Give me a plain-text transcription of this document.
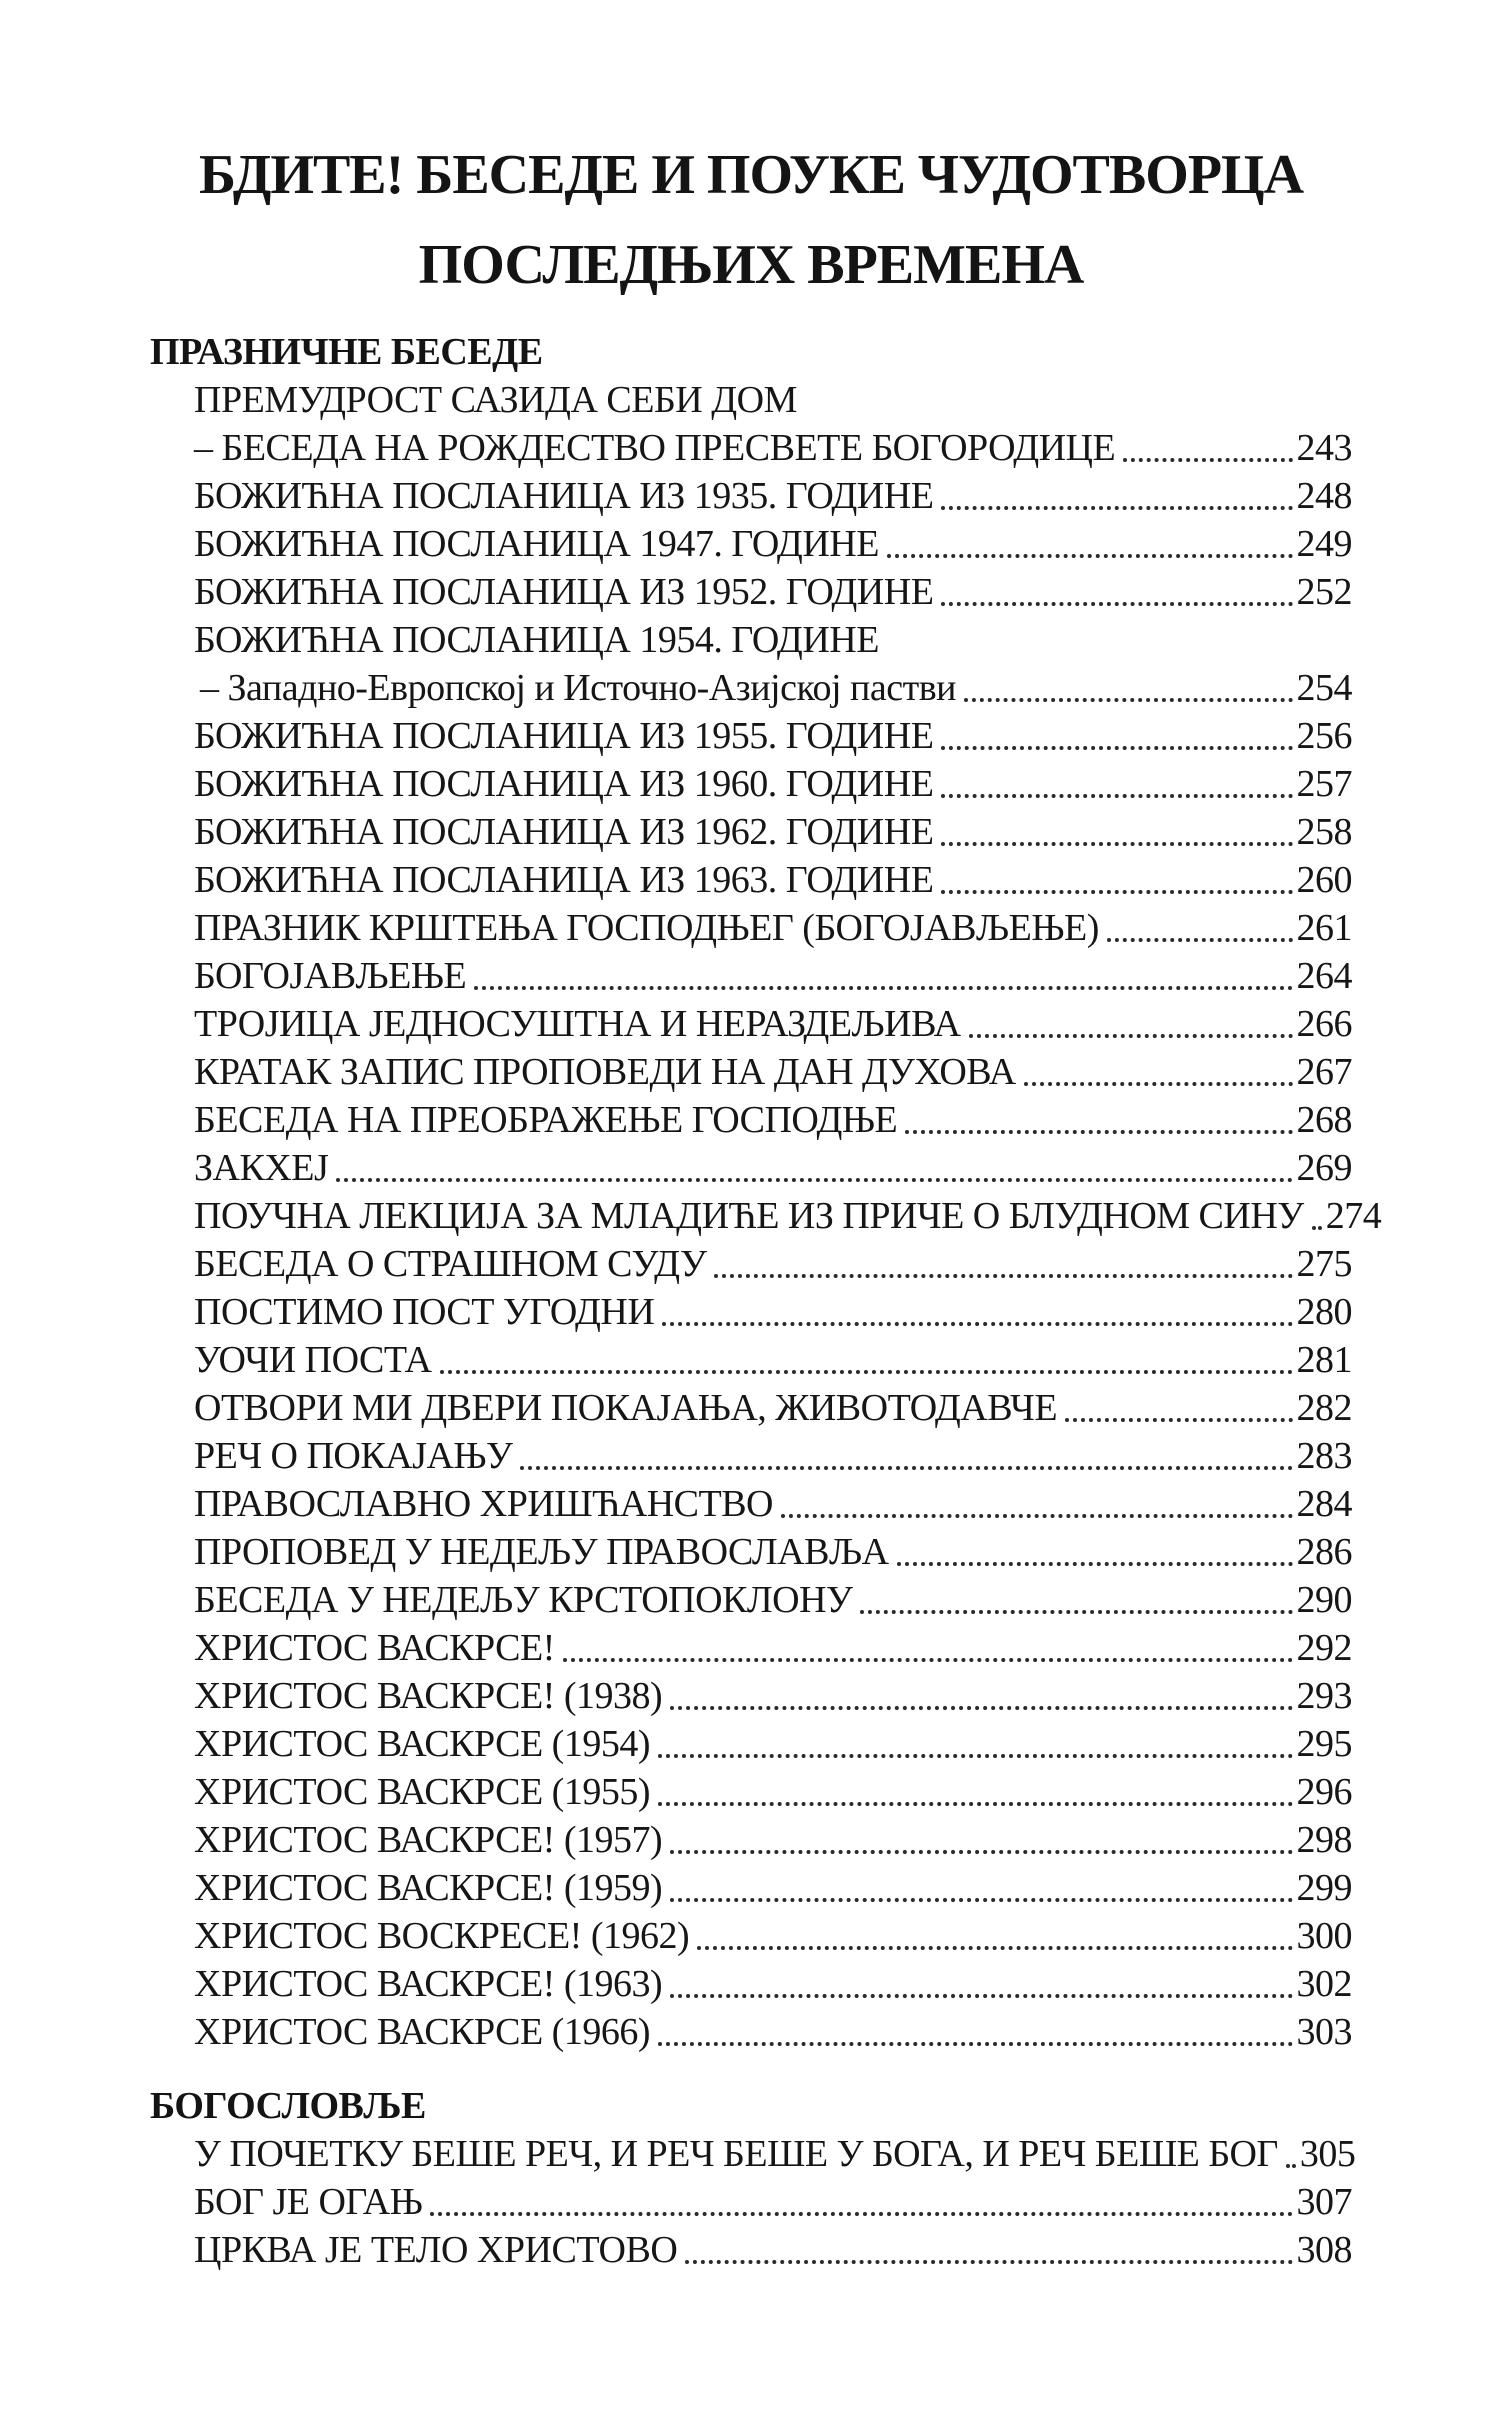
БДИТЕ! БЕСЕДЕ И ПОУКЕ ЧУДОТВОРЦА
ПОСЛЕДЊИХ ВРЕМЕНА
ПРАЗНИЧНЕ БЕСЕДЕ
ПРЕМУДРОСТ САЗИДА СЕБИ ДОМ
– БЕСЕДА НА РОЖДЕСТВО ПРЕСВЕТЕ БОГОРОДИЦЕ	243
БОЖИЋНА ПОСЛАНИЦА ИЗ 1935. ГОДИНЕ	248
БОЖИЋНА ПОСЛАНИЦА 1947. ГОДИНЕ	249
БОЖИЋНА ПОСЛАНИЦА ИЗ 1952. ГОДИНЕ	252
БОЖИЋНА ПОСЛАНИЦА 1954. ГОДИНЕ
– Западно-Европској и Источно-Азијској пастви	254
БОЖИЋНА ПОСЛАНИЦА ИЗ 1955. ГОДИНЕ	256
БОЖИЋНА ПОСЛАНИЦА ИЗ 1960. ГОДИНЕ	257
БОЖИЋНА ПОСЛАНИЦА ИЗ 1962. ГОДИНЕ	258
БОЖИЋНА ПОСЛАНИЦА ИЗ 1963. ГОДИНЕ	260
ПРАЗНИК КРШТЕЊА ГОСПОДЊЕГ (БОГОЈАВЉЕЊЕ)	261
БОГОЈАВЉЕЊЕ	264
ТРОЈИЦА ЈЕДНОСУШТНА И НЕРАЗДЕЉИВА	266
КРАТАК ЗАПИС ПРОПОВЕДИ НА ДАН ДУХОВА	267
БЕСЕДА НА ПРЕОБРАЖЕЊЕ ГОСПОДЊЕ	268
ЗАКХЕЈ	269
ПОУЧНА ЛЕКЦИЈА ЗА МЛАДИЋЕ ИЗ ПРИЧЕ О БЛУДНОМ СИНУ 274
БЕСЕДА О СТРАШНОМ СУДУ	275
ПОСТИМО ПОСТ УГОДНИ	280
УОЧИ ПОСТА	281
ОТВОРИ МИ ДВЕРИ ПОКАЈАЊА, ЖИВОТОДАВЧЕ	282
РЕЧ О ПОКАЈАЊУ	283
ПРАВОСЛАВНО ХРИШЋАНСТВО	284
ПРОПОВЕД У НЕДЕЉУ ПРАВОСЛАВЉА	286
БЕСЕДА У НЕДЕЉУ КРСТОПОКЛОНУ	290
ХРИСТОС ВАСКРСЕ!	292
ХРИСТОС ВАСКРСЕ! (1938)	293
ХРИСТОС ВАСКРСЕ (1954)	295
ХРИСТОС ВАСКРСЕ (1955)	296
ХРИСТОС ВАСКРСЕ! (1957)	298
ХРИСТОС ВАСКРСЕ! (1959)	299
ХРИСТОС ВОСКРЕСЕ! (1962)	300
ХРИСТОС ВАСКРСЕ! (1963)	302
ХРИСТОС ВАСКРСЕ (1966)	303
БОГОСЛОВЉЕ
У ПОЧЕТКУ БЕШЕ РЕЧ, И РЕЧ БЕШЕ У БОГА, И РЕЧ БЕШЕ БОГ 305
БОГ ЈЕ ОГАЊ	307
ЦРКВА ЈЕ ТЕЛО ХРИСТОВО	308
